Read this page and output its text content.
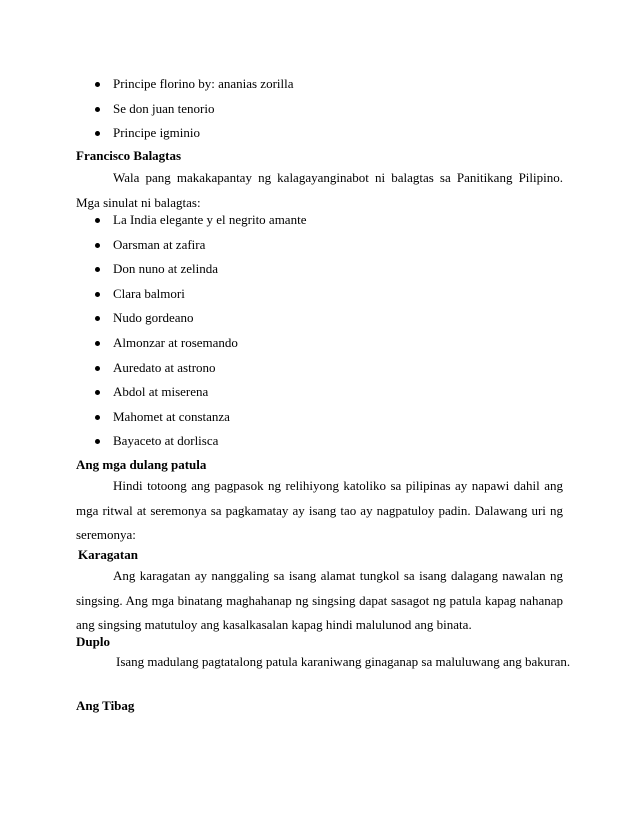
Principe florino by: ananias zorilla
Se don juan tenorio
Principe igminio
Francisco Balagtas

Wala pang makakapantay ng kalagayanginabot ni balagtas sa Panitikang Pilipino. Mga sinulat ni balagtas:

La India elegante y el negrito amante
Oarsman at zafira
Don nuno at zelinda
Clara balmori
Nudo gordeano
Almonzar at rosemando
Auredato at astrono
Abdol at miserena
Mahomet at constanza
Bayaceto at dorlisca
Ang mga dulang patula

Hindi totoong ang pagpasok ng relihiyong katoliko sa pilipinas ay napawi dahil ang mga ritwal at seremonya sa pagkamatay ay isang tao ay nagpatuloy padin. Dalawang uri ng seremonya:

Karagatan

Ang karagatan ay nanggaling sa isang alamat tungkol sa isang dalagang nawalan ng singsing. Ang mga binatang maghahanap ng singsing dapat sasagot ng patula kapag nahanap ang singsing matutuloy ang kasalkasalan kapag hindi malulunod ang binata.

Duplo
Isang madulang pagtatalong patula karaniwang ginaganap sa maluluwang ang bakuran.
Ang Tibag
